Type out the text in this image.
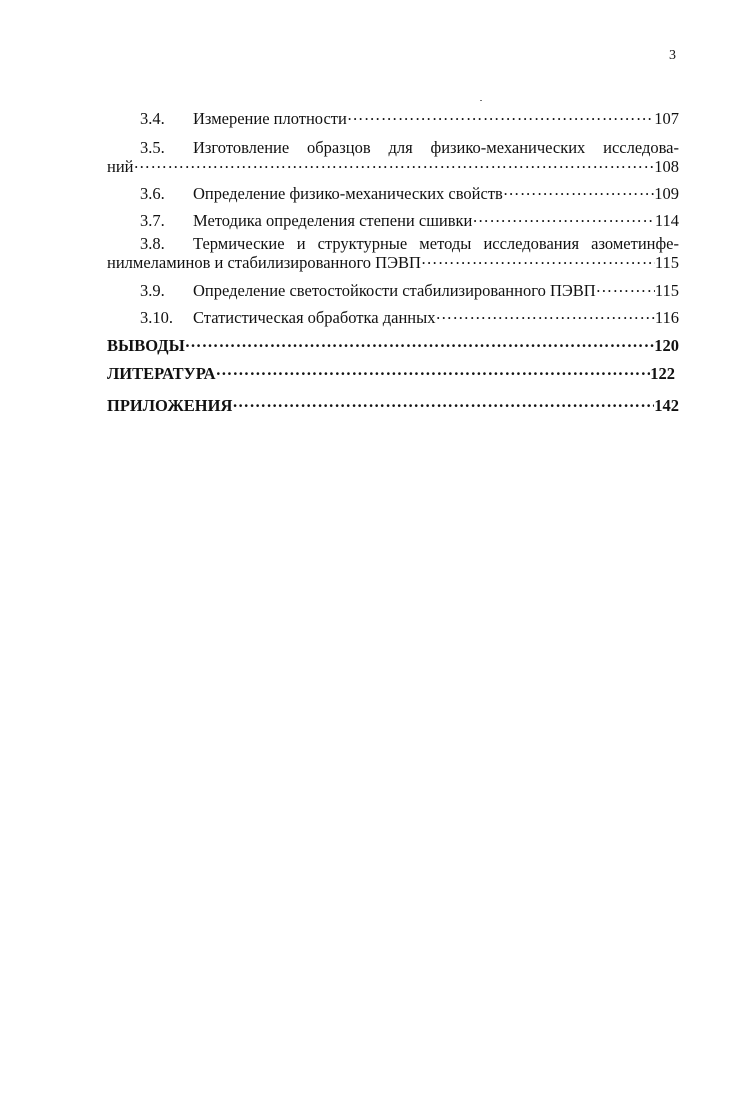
3
3.4.	Измерение плотности …………………………………………………………………………………………………………………………………………	107
3.5.	Изготовление образцов для физико-механических исследова-
ний …………………………………………………………………………………………………………………………………………	108
3.6.	Определение физико-механических свойств …………………………………………………………………………………………………………………………………………	109
3.7.	Методика определения степени сшивки …………………………………………………………………………………………………………………………………………	114
3.8.	Термические и структурные методы исследования азометинфе-
нилмеламинов и стабилизированного ПЭВП …………………………………………………………………………………………………………………………………………	115
3.9.	Определение светостойкости стабилизированного ПЭВП …………………………………………………………………………………………………………………………………………	115
3.10.	Статистическая обработка данных …………………………………………………………………………………………………………………………………………	116
ВЫВОДЫ …………………………………………………………………………………………………………………………………………	120
ЛИТЕРАТУРА …………………………………………………………………………………………………………………………………………	122
ПРИЛОЖЕНИЯ …………………………………………………………………………………………………………………………………………	142
